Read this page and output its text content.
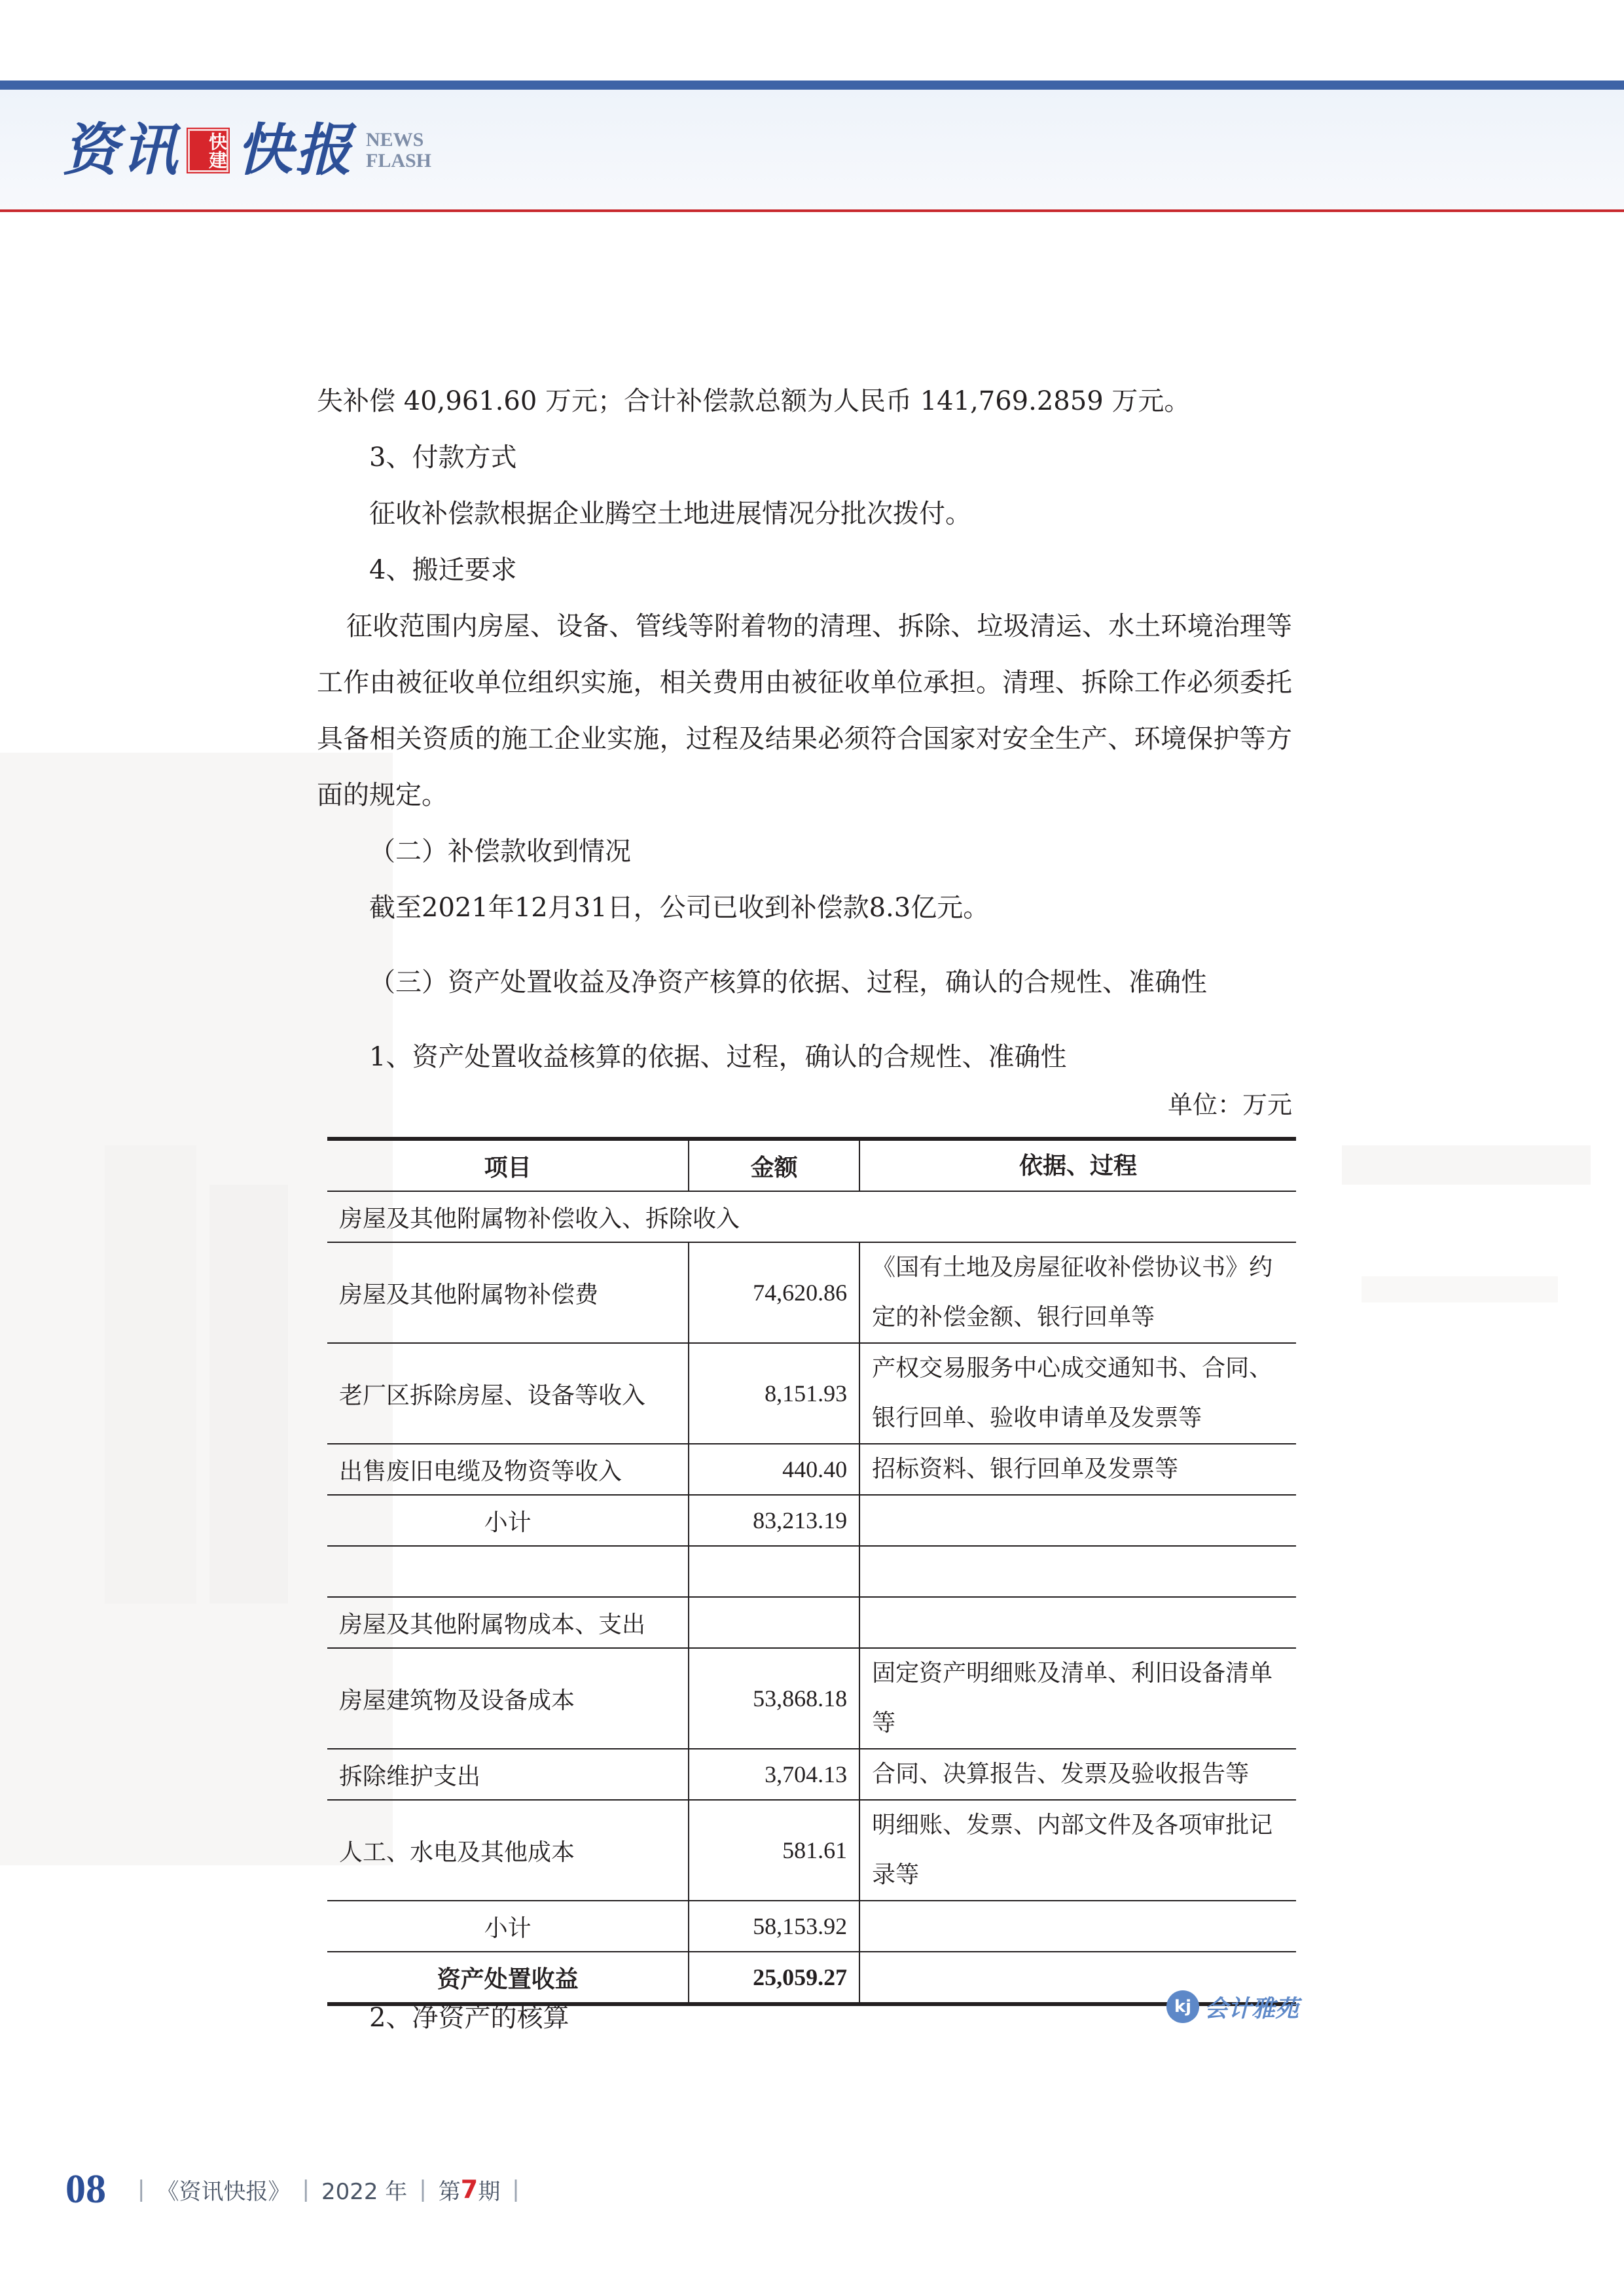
资讯	快建 快报 NEWS
FLASH

失补偿 40,961.60 万元；合计补偿款总额为人民币 141,769.2859 万元。

3、付款方式

征收补偿款根据企业腾空土地进展情况分批次拨付。

4、搬迁要求

征收范围内房屋、设备、管线等附着物的清理、拆除、垃圾清运、水土环境治理等工作由被征收单位组织实施，相关费用由被征收单位承担。清理、拆除工作必须委托具备相关资质的施工企业实施，过程及结果必须符合国家对安全生产、环境保护等方面的规定。

（二）补偿款收到情况

截至2021年12月31日，公司已收到补偿款8.3亿元。

（三）资产处置收益及净资产核算的依据、过程，确认的合规性、准确性

1、资产处置收益核算的依据、过程，确认的合规性、准确性

单位：万元

项目	金额	依据、过程
房屋及其他附属物补偿收入、拆除收入		
房屋及其他附属物补偿费	74,620.86	《国有土地及房屋征收补偿协议书》约定的补偿金额、银行回单等
老厂区拆除房屋、设备等收入	8,151.93	产权交易服务中心成交通知书、合同、银行回单、验收申请单及发票等
出售废旧电缆及物资等收入	440.40	招标资料、银行回单及发票等
小计	83,213.19	

房屋及其他附属物成本、支出		
房屋建筑物及设备成本	53,868.18	固定资产明细账及清单、利旧设备清单等
拆除维护支出	3,704.13	合同、决算报告、发票及验收报告等
人工、水电及其他成本	581.61	明细账、发票、内部文件及各项审批记录等
小计	58,153.92	
资产处置收益	25,059.27	
kj 会计雅苑

2、净资产的核算

08 | 《资讯快报》 | 2022 年 | 第 7 期 |
